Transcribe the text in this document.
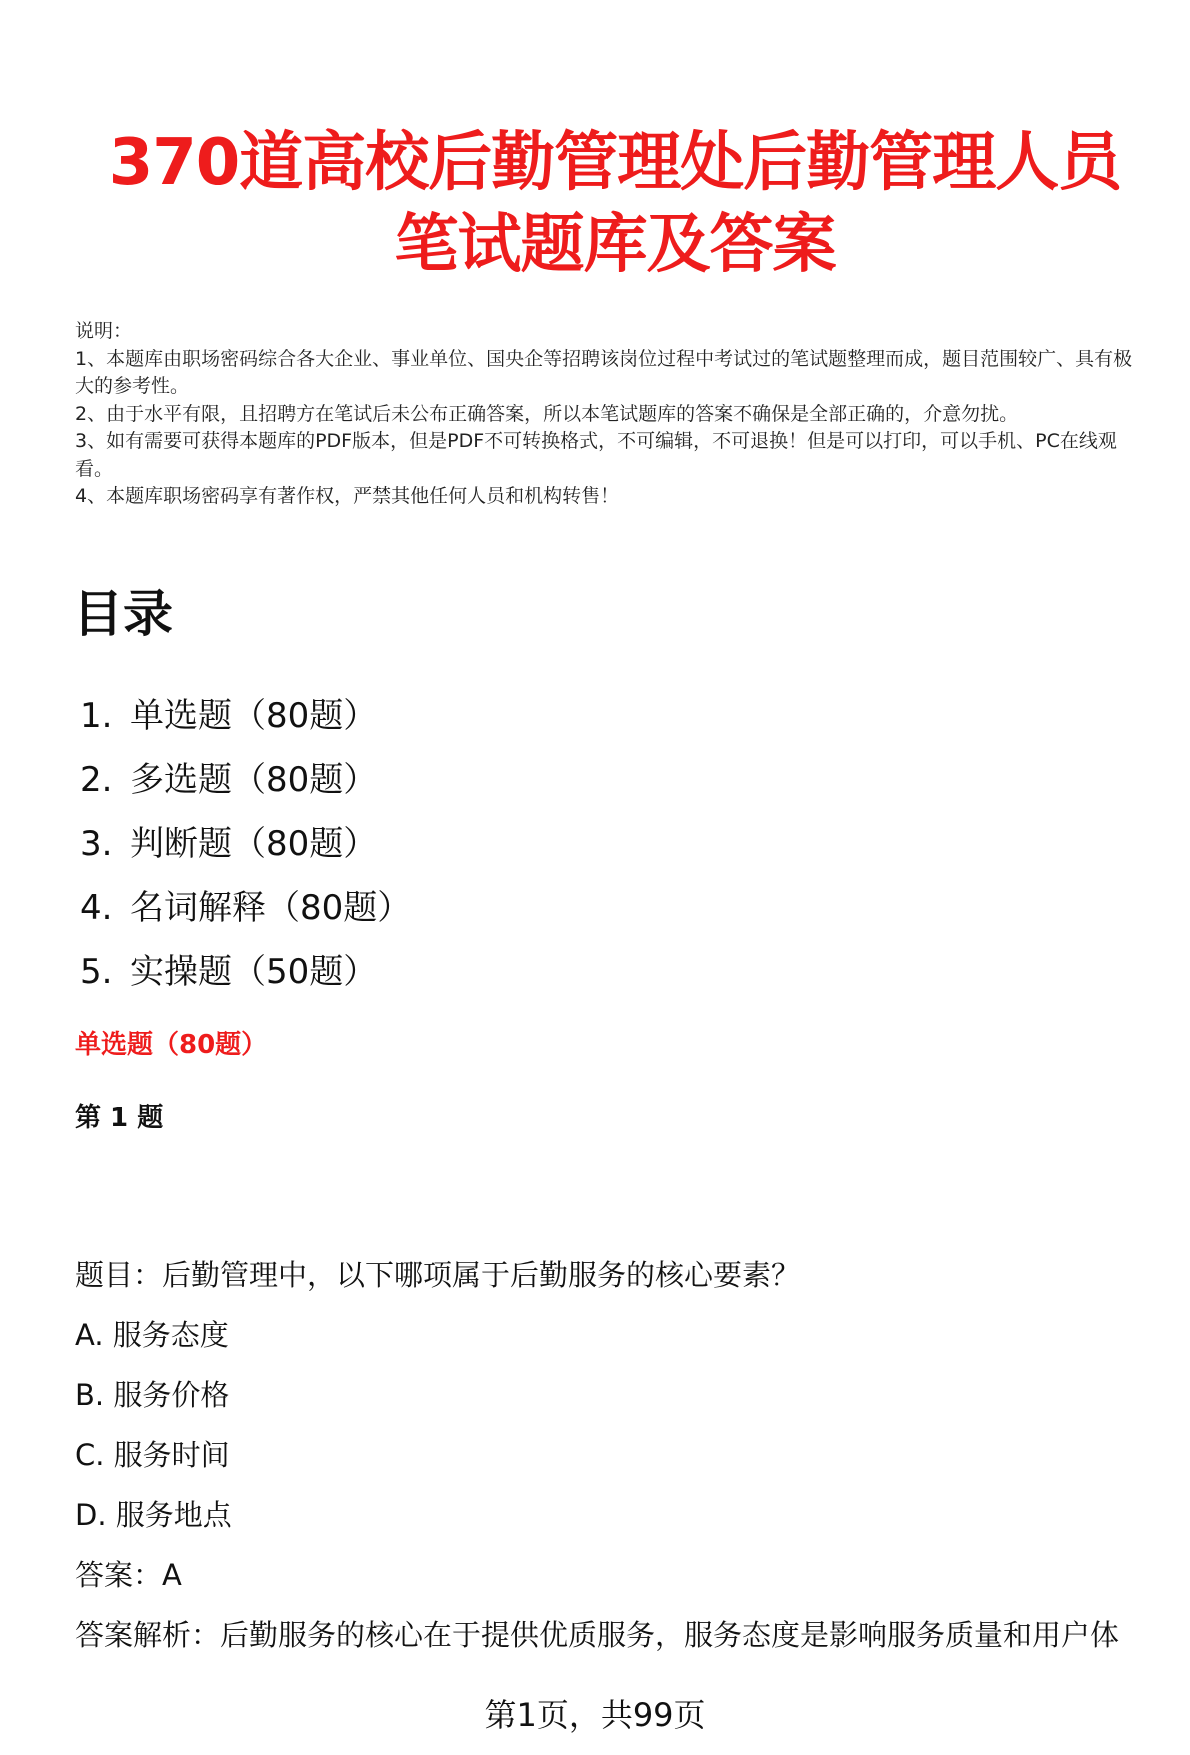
370道高校后勤管理处后勤管理人员
笔试题库及答案
说明：
1、本题库由职场密码综合各大企业、事业单位、国央企等招聘该岗位过程中考试过的笔试题整理而成，题目范围较广、具有极大的参考性。
2、由于水平有限，且招聘方在笔试后未公布正确答案，所以本笔试题库的答案不确保是全部正确的，介意勿扰。
3、如有需要可获得本题库的PDF版本，但是PDF不可转换格式，不可编辑，不可退换！但是可以打印，可以手机、PC在线观看。
4、本题库职场密码享有著作权，严禁其他任何人员和机构转售！
目录
1. 单选题（80题）
2. 多选题（80题）
3. 判断题（80题）
4. 名词解释（80题）
5. 实操题（50题）
单选题（80题）
第 1 题
题目：后勤管理中，以下哪项属于后勤服务的核心要素？
A. 服务态度
B. 服务价格
C. 服务时间
D. 服务地点
答案：A
答案解析：后勤服务的核心在于提供优质服务，服务态度是影响服务质量和用户体
第1页，共99页
